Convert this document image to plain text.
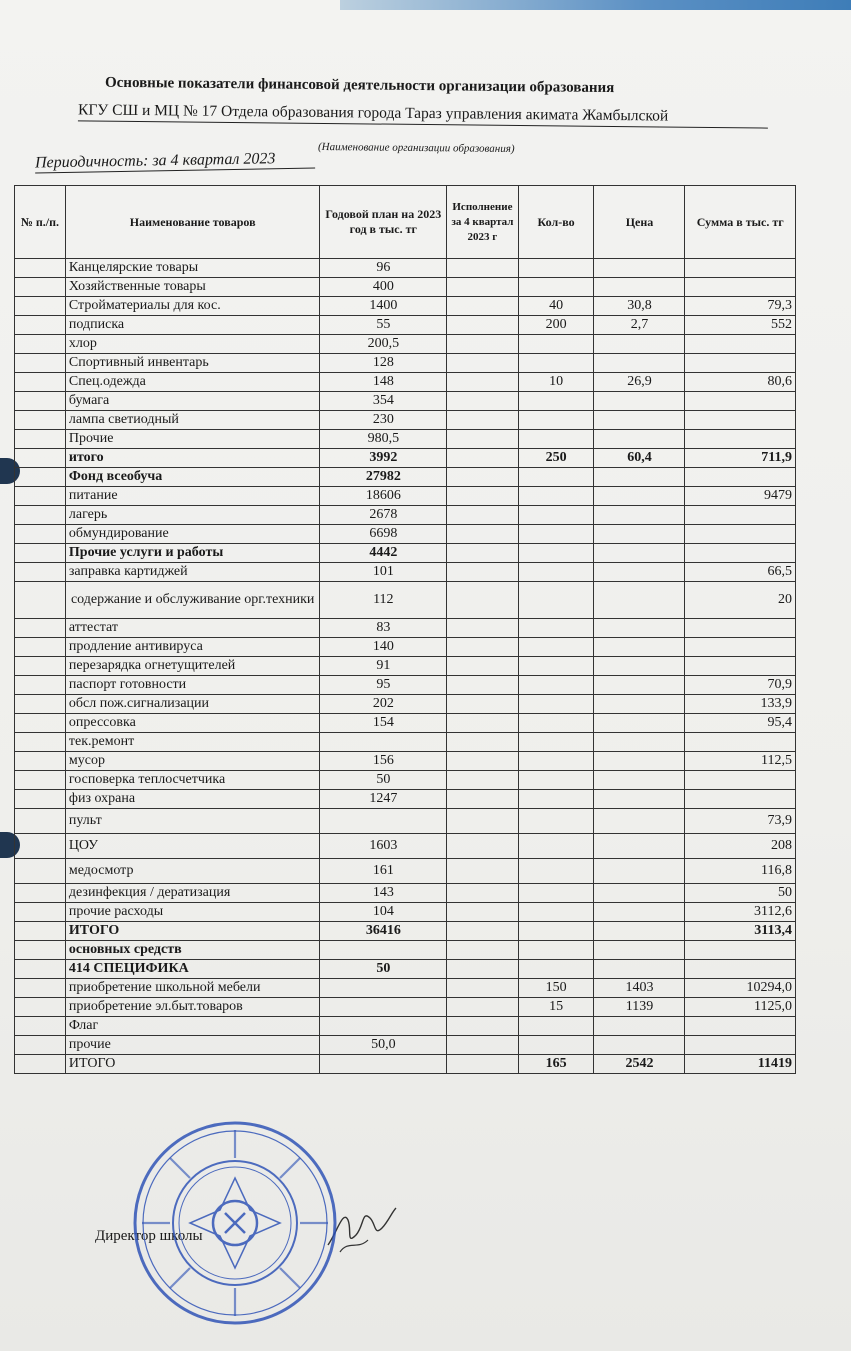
Основные показатели финансовой деятельности организации образования
КГУ СШ и МЦ № 17 Отдела образования города Тараз управления акимата Жамбылской
(Наименование организации образования)
Периодичность: за 4 квартал 2023
№ п./п.	Наименование товаров	Годовой план на 2023 год в тыс. тг	Исполнение за 4 квартал 2023 г	Кол-во	Цена	Сумма в тыс. тг
	Канцелярские товары	96				
	Хозяйственные товары	400				
	Стройматериалы для кос.	1400		40	30,8	79,3
	подписка	55		200	2,7	552
	хлор	200,5				
	Спортивный инвентарь	128				
	Спец.одежда	148		10	26,9	80,6
	бумага	354				
	лампа светиодный	230				
	Прочие	980,5				
	итого	3992		250	60,4	711,9
	Фонд всеобуча	27982				
	питание	18606				9479
	лагерь	2678				
	обмундирование	6698				
	Прочие услуги и работы	4442				
	заправка картиджей	101				66,5
	содержание и обслуживание орг.техники	112				20
	аттестат	83				
	продление антивируса	140				
	перезарядка огнетущителей	91				
	паспорт готовности	95				70,9
	обсл пож.сигнализации	202				133,9
	опрессовка	154				95,4
	тек.ремонт					
	мусор	156				112,5
	госповерка теплосчетчика	50				
	физ охрана	1247				
	пульт					73,9
	ЦОУ	1603				208
	медосмотр	161				116,8
	дезинфекция / дератизация	143				50
	прочие расходы	104				3112,6
	ИТОГО	36416				3113,4
	основных средств					
	414 СПЕЦИФИКА	50				
	приобретение школьной мебели			150	1403	10294,0
	приобретение эл.быт.товаров			15	1139	1125,0
	Флаг					
	прочие	50,0				
	ИТОГО			165	2542	11419
Директор школы
